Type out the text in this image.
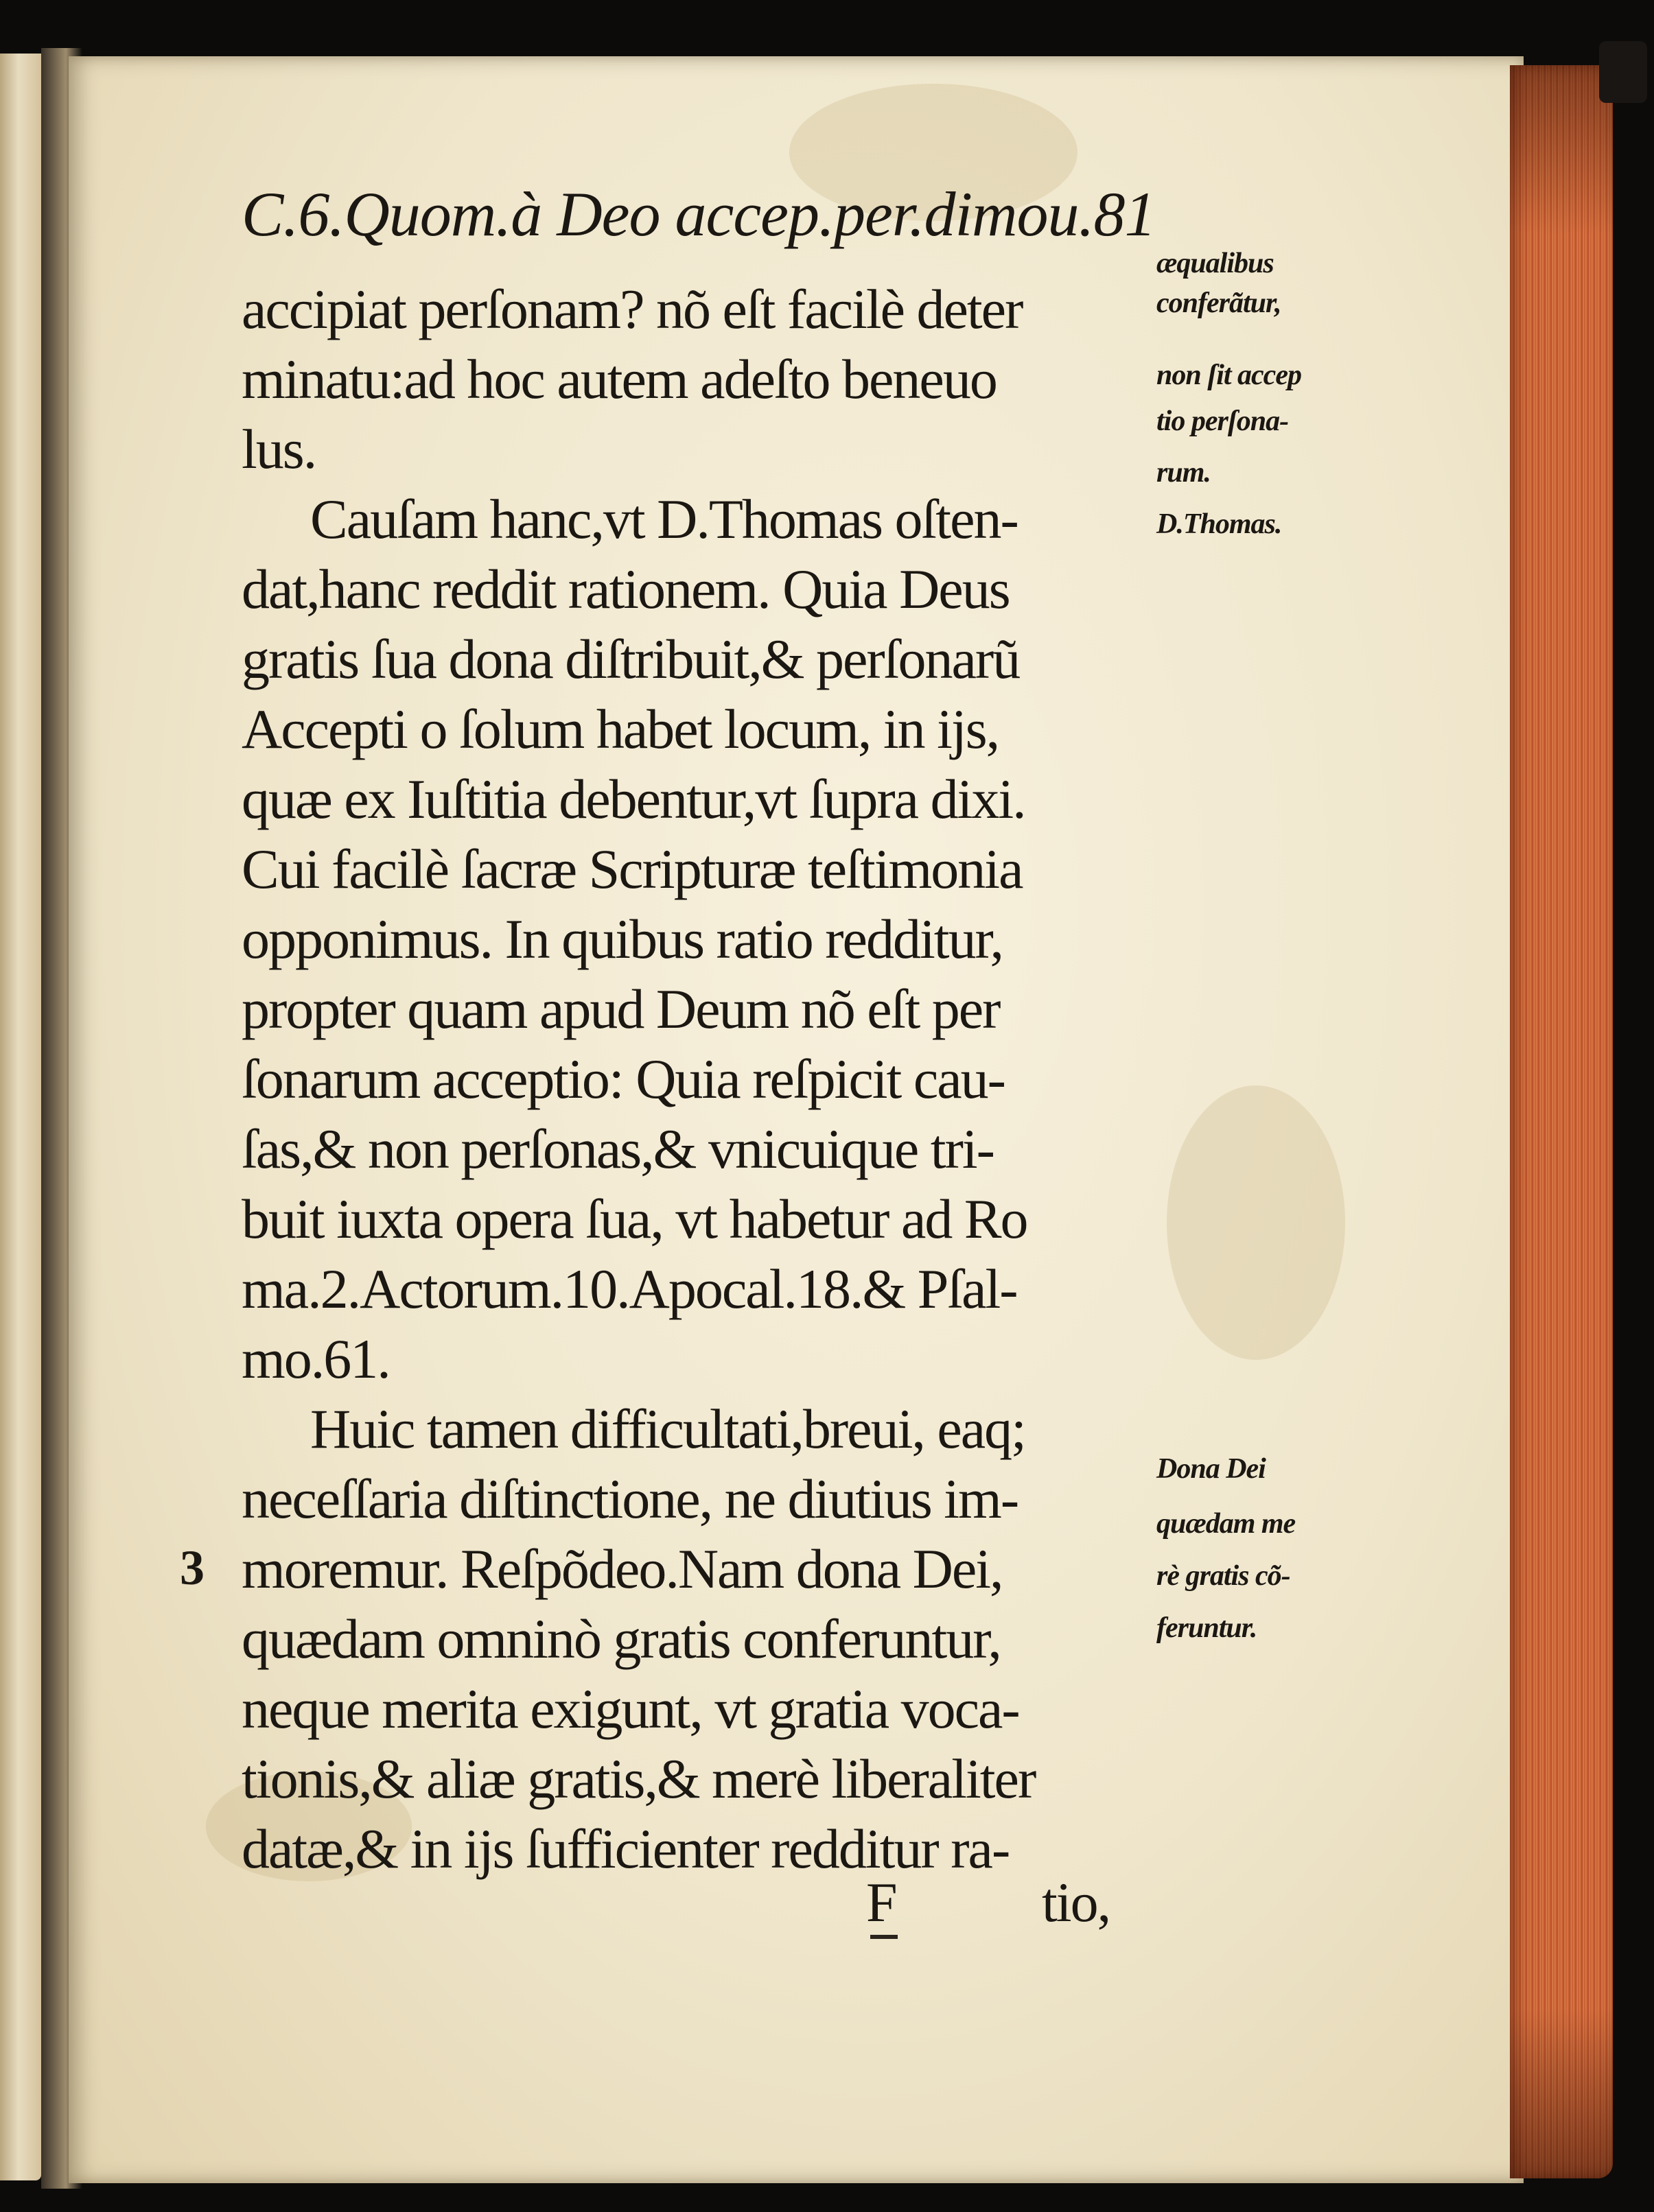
C.6.Quom.à Deo accep.per.dimou.81
accipiat perſonam? nõ eſt facilè deter
minatu:ad hoc autem adeſto beneuo
lus.
Cauſam hanc,vt D.Thomas oſten-
dat,hanc reddit rationem. Quia Deus
gratis ſua dona diſtribuit,& perſonarũ
Accepti o ſolum habet locum, in ijs,
quæ ex Iuſtitia debentur,vt ſupra dixi.
Cui facilè ſacræ Scripturæ teſtimonia
opponimus. In quibus ratio redditur,
propter quam apud Deum nõ eſt per
ſonarum acceptio: Quia reſpicit cau-
ſas,& non perſonas,& vnicuique tri-
buit iuxta opera ſua, vt habetur ad Ro
ma.2.Actorum.10.Apocal.18.& Pſal-
mo.61.
Huic tamen difficultati,breui, eaq;
neceſſaria diſtinctione, ne diutius im-
moremur. Reſpõdeo.Nam dona Dei,
quædam omninò gratis conferuntur,
neque merita exigunt, vt gratia voca-
tionis,& aliæ gratis,& merè liberaliter
datæ,& in ijs ſufficienter redditur ra-
æqualibus
conferãtur,
non ſit accep
tio perſona-
rum.
D.Thomas.
Dona Dei
quædam me
rè gratis cõ-
feruntur.
3
F	tio,
